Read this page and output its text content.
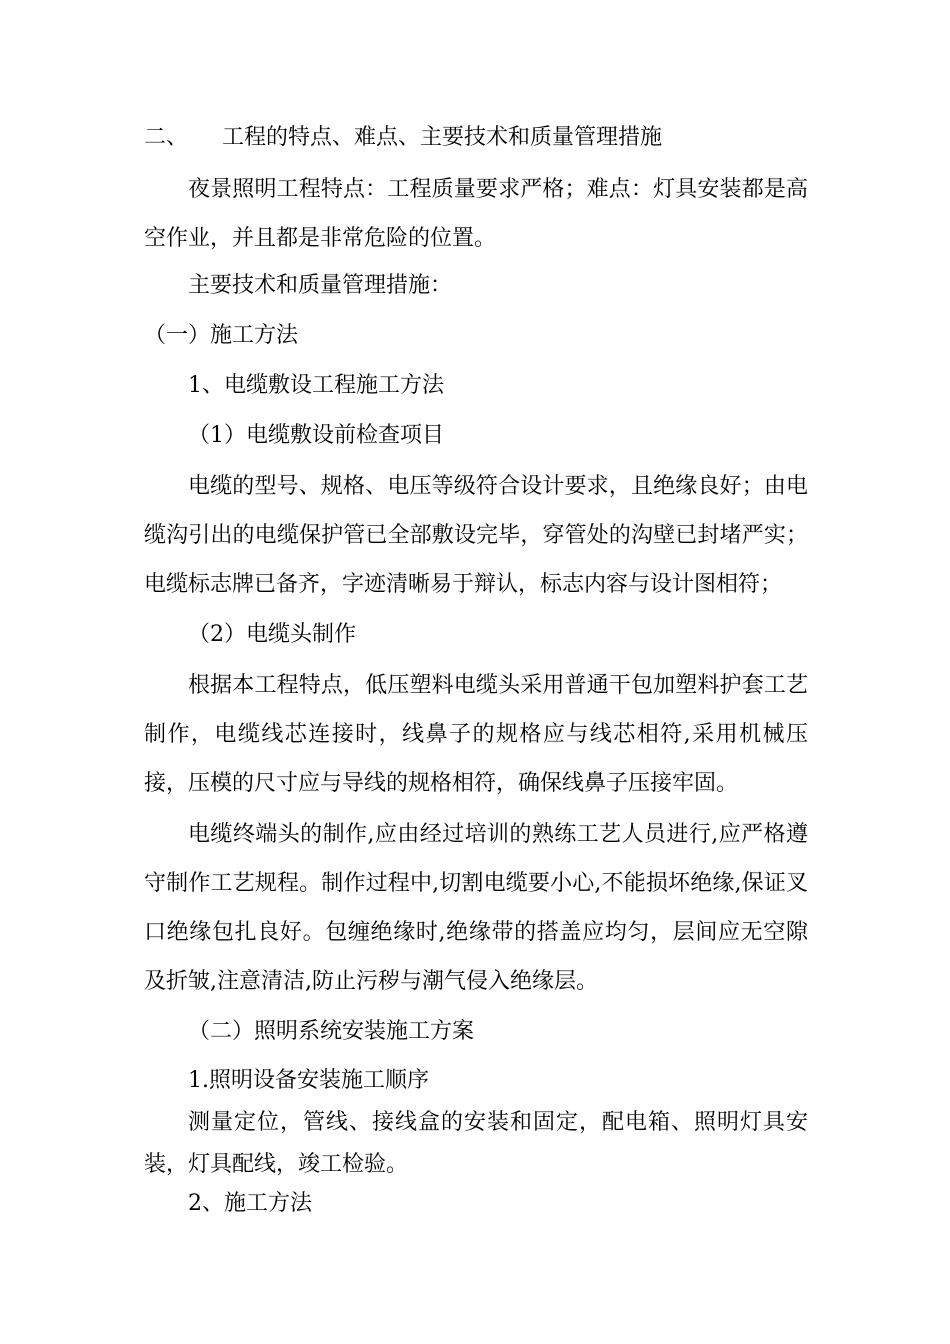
二、 工程的特点、难点、主要技术和质量管理措施

夜景照明工程特点：工程质量要求严格；难点：灯具安装都是高空作业，并且都是非常危险的位置。

主要技术和质量管理措施：
（一）施工方法
1、电缆敷设工程施工方法
（1）电缆敷设前检查项目

电缆的型号、规格、电压等级符合设计要求，且绝缘良好；由电缆沟引出的电缆保护管已全部敷设完毕，穿管处的沟壁已封堵严实；电缆标志牌已备齐，字迹清晰易于辩认，标志内容与设计图相符；

（2）电缆头制作

根据本工程特点，低压塑料电缆头采用普通干包加塑料护套工艺制作，电缆线芯连接时，线鼻子的规格应与线芯相符,采用机械压接，压模的尺寸应与导线的规格相符，确保线鼻子压接牢固。

电缆终端头的制作,应由经过培训的熟练工艺人员进行,应严格遵守制作工艺规程。制作过程中,切割电缆要小心,不能损坏绝缘,保证叉口绝缘包扎良好。包缠绝缘时,绝缘带的搭盖应均匀，层间应无空隙及折皱,注意清洁,防止污秽与潮气侵入绝缘层。

（二）照明系统安装施工方案
1.照明设备安装施工顺序

测量定位，管线、接线盒的安装和固定，配电箱、照明灯具安装，灯具配线，竣工检验。

2、施工方法
